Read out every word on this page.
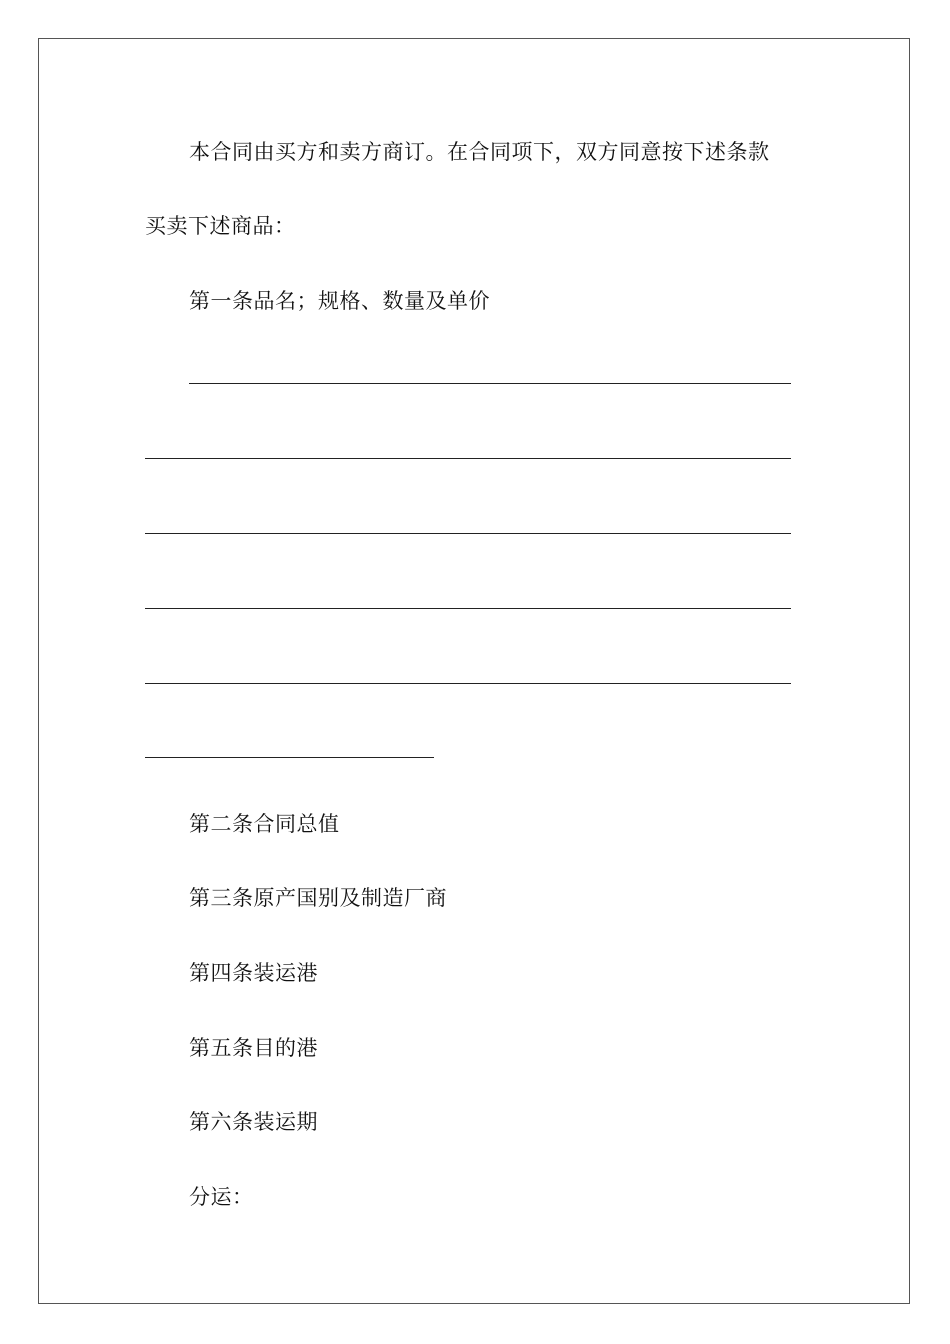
本合同由买方和卖方商订。在合同项下，双方同意按下述条款
买卖下述商品：
第一条品名；规格、数量及单价
第二条合同总值
第三条原产国别及制造厂商
第四条装运港
第五条目的港
第六条装运期
分运：
